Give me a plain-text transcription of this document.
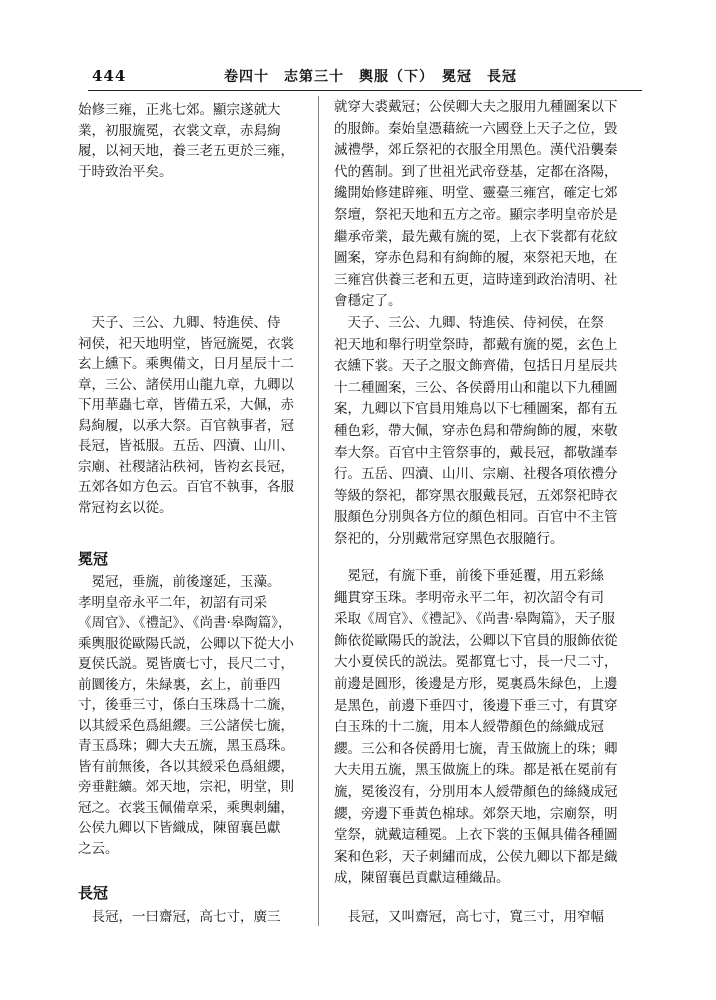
444	卷四十　志第三十　輿服（下）　冕冠　長冠
始修三雍，正兆七郊。顯宗遂就大
業，初服旒冕，衣裳文章，赤舄絢
履，以祠天地，養三老五更於三雍，
于時致治平矣。
　天子、三公、九卿、特進侯、侍
祠侯，祀天地明堂，皆冠旒冕，衣裳
玄上纁下。乘輿備文，日月星辰十二
章，三公、諸侯用山龍九章，九卿以
下用華蟲七章，皆備五采，大佩，赤
舄絢履，以承大祭。百官執事者，冠
長冠，皆祗服。五岳、四瀆、山川、
宗廟、社稷諸沾秩祠，皆袀玄長冠，
五郊各如方色云。百官不執事，各服
常冠袀玄以從。
冕冠
　冕冠，垂旒，前後邃延，玉藻。
孝明皇帝永平二年，初詔有司采
《周官》、《禮記》、《尚書·皋陶篇》，
乘輿服從歐陽氏説，公卿以下從大小
夏侯氏説。冕皆廣七寸，長尺二寸，
前圜後方，朱緑裏，玄上，前垂四
寸，後垂三寸，係白玉珠爲十二旒，
以其綬采色爲組纓。三公諸侯七旒，
青玉爲珠；卿大夫五旒，黑玉爲珠。
皆有前無後，各以其綬采色爲組纓，
旁垂黈纊。郊天地，宗祀，明堂，則
冠之。衣裳玉佩備章采，乘輿刺繡，
公侯九卿以下皆織成，陳留襄邑獻
之云。
長冠
　長冠，一曰齋冠，高七寸，廣三
就穿大裘戴冠；公侯卿大夫之服用九種圖案以下
的服飾。秦始皇憑藉統一六國登上天子之位，毀
滅禮學，郊丘祭祀的衣服全用黑色。漢代沿襲秦
代的舊制。到了世祖光武帝登基，定都在洛陽，
纔開始修建辟雍、明堂、靈臺三雍宫，確定七郊
祭壇，祭祀天地和五方之帝。顯宗孝明皇帝於是
繼承帝業，最先戴有旒的冕，上衣下裳都有花紋
圖案，穿赤色舄和有絢飾的履，來祭祀天地，在
三雍宫供養三老和五更，這時達到政治清明、社
會穩定了。
　天子、三公、九卿、特進侯、侍祠侯，在祭
祀天地和舉行明堂祭時，都戴有旒的冕，玄色上
衣纁下裳。天子之服文飾齊備，包括日月星辰共
十二種圖案，三公、各侯爵用山和龍以下九種圖
案，九卿以下官員用雉鳥以下七種圖案，都有五
種色彩，帶大佩，穿赤色舄和帶絢飾的履，來敬
奉大祭。百官中主管祭事的，戴長冠，都敬謹奉
行。五岳、四瀆、山川、宗廟、社稷各項依禮分
等級的祭祀，都穿黑衣服戴長冠，五郊祭祀時衣
服顏色分別與各方位的顏色相同。百官中不主管
祭祀的，分別戴常冠穿黑色衣服隨行。
　冕冠，有旒下垂，前後下垂延覆，用五彩絲
繩貫穿玉珠。孝明帝永平二年，初次詔令有司
采取《周官》、《禮記》、《尚書·皋陶篇》，天子服
飾依從歐陽氏的說法，公卿以下官員的服飾依從
大小夏侯氏的説法。冕都寬七寸，長一尺二寸，
前邊是圓形，後邊是方形，冕裏爲朱緑色，上邊
是黑色，前邊下垂四寸，後邊下垂三寸，有貫穿
白玉珠的十二旒，用本人綬帶顏色的絲織成冠
纓。三公和各侯爵用七旒，青玉做旒上的珠；卿
大夫用五旒，黑玉做旒上的珠。都是衹在冕前有
旒，冕後沒有，分別用本人綬帶顏色的絲綫成冠
纓，旁邊下垂黃色棉球。郊祭天地，宗廟祭，明
堂祭，就戴這種冕。上衣下裳的玉佩具備各種圖
案和色彩，天子刺繡而成，公侯九卿以下都是織
成，陳留襄邑貢獻這種織品。
　長冠，又叫齋冠，高七寸，寬三寸，用窄幅
